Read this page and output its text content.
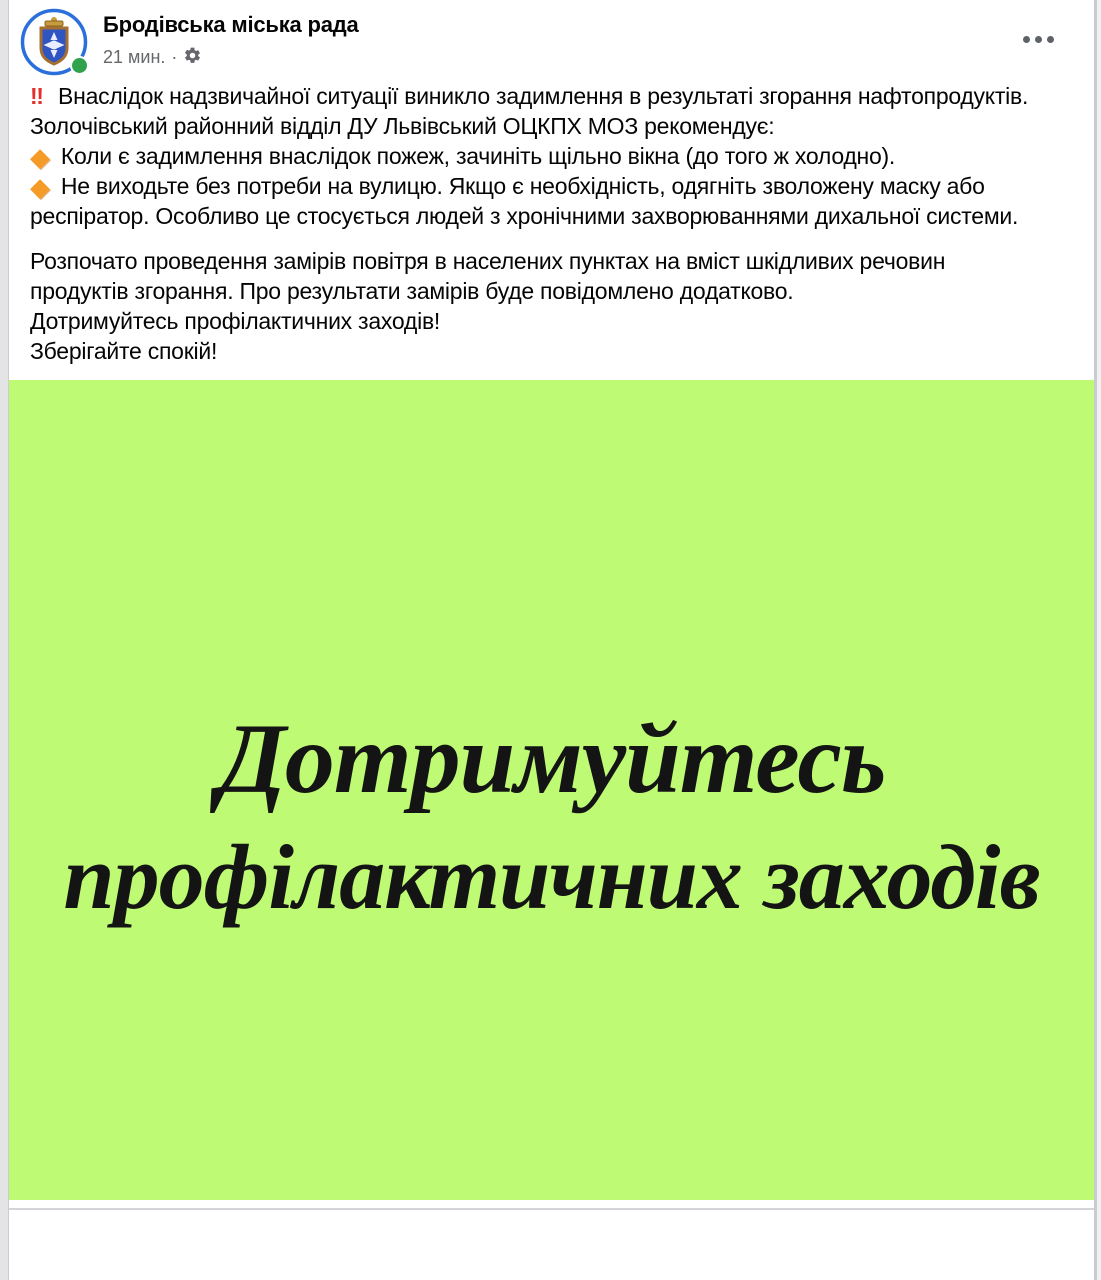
Бродівська міська рада
21 мин. ·

‼ Внаслідок надзвичайної ситуації виникло задимлення в результаті згорання нафтопродуктів.

Золочівський районний відділ ДУ Львівський ОЦКПХ МОЗ рекомендує:

◆ Коли є задимлення внаслідок пожеж, зачиніть щільно вікна (до того ж холодно).

◆ Не виходьте без потреби на вулицю. Якщо є необхідність, одягніть зволожену маску або респіратор. Особливо це стосується людей з хронічними захворюваннями дихальної системи.

Розпочато проведення замірів повітря в населених пунктах на вміст шкідливих речовин продуктів згорання. Про результати замірів буде повідомлено додатково.

Дотримуйтесь профілактичних заходів!

Зберігайте спокій!

Дотримуйтесь
профілактичних заходів
